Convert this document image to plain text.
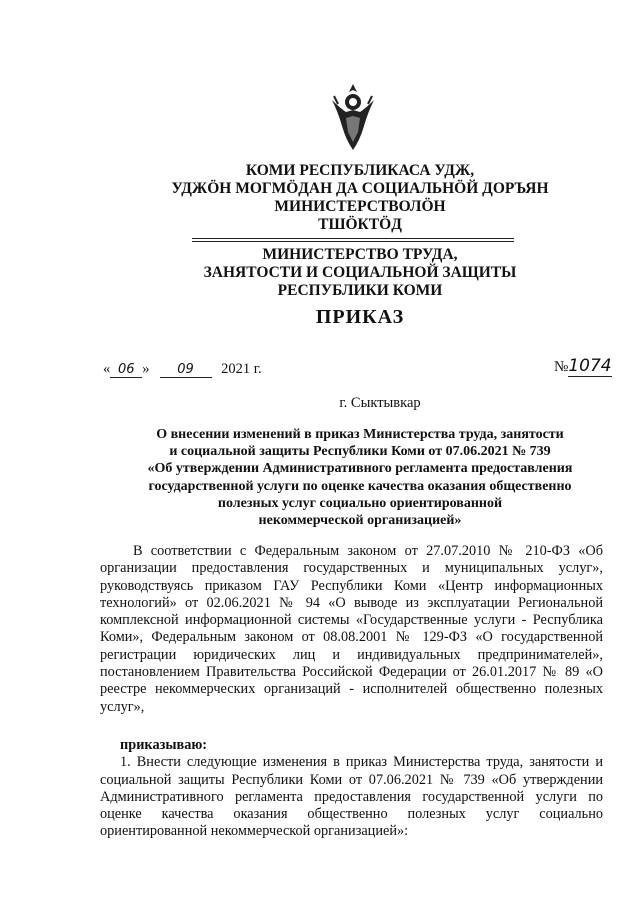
КОМИ РЕСПУБЛИКАСА УДЖ,
УДЖӦН МОГМӦДАН ДА СОЦИАЛЬНӦЙ ДОРЪЯН
МИНИСТЕРСТВОЛӦН
ТШӦКТӦД
МИНИСТЕРСТВО ТРУДА,
ЗАНЯТОСТИ И СОЦИАЛЬНОЙ ЗАЩИТЫ
РЕСПУБЛИКИ КОМИ
ПРИКАЗ
« 06 » 09 2021 г.	№1074
г. Сыктывкар
О внесении изменений в приказ Министерства труда, занятости
и социальной защиты Республики Коми от 07.06.2021 № 739
«Об утверждении Административного регламента предоставления
государственной услуги по оценке качества оказания общественно
полезных услуг социально ориентированной
некоммерческой организацией»

В соответствии с Федеральным законом от 27.07.2010 № 210-ФЗ «Об организации предоставления государственных и муниципальных услуг», руководствуясь приказом ГАУ Республики Коми «Центр информационных технологий» от 02.06.2021 № 94 «О выводе из эксплуатации Региональной комплексной информационной системы «Государственные услуги - Республика Коми», Федеральным законом от 08.08.2001 № 129-ФЗ «О государственной регистрации юридических лиц и индивидуальных предпринимателей», постановлением Правительства Российской Федерации от 26.01.2017 № 89 «О реестре некоммерческих организаций - исполнителей общественно полезных услуг»,

приказываю:

1. Внести следующие изменения в приказ Министерства труда, занятости и социальной защиты Республики Коми от 07.06.2021 № 739 «Об утверждении Административного регламента предоставления государственной услуги по оценке качества оказания общественно полезных услуг социально ориентированной некоммерческой организацией»:
